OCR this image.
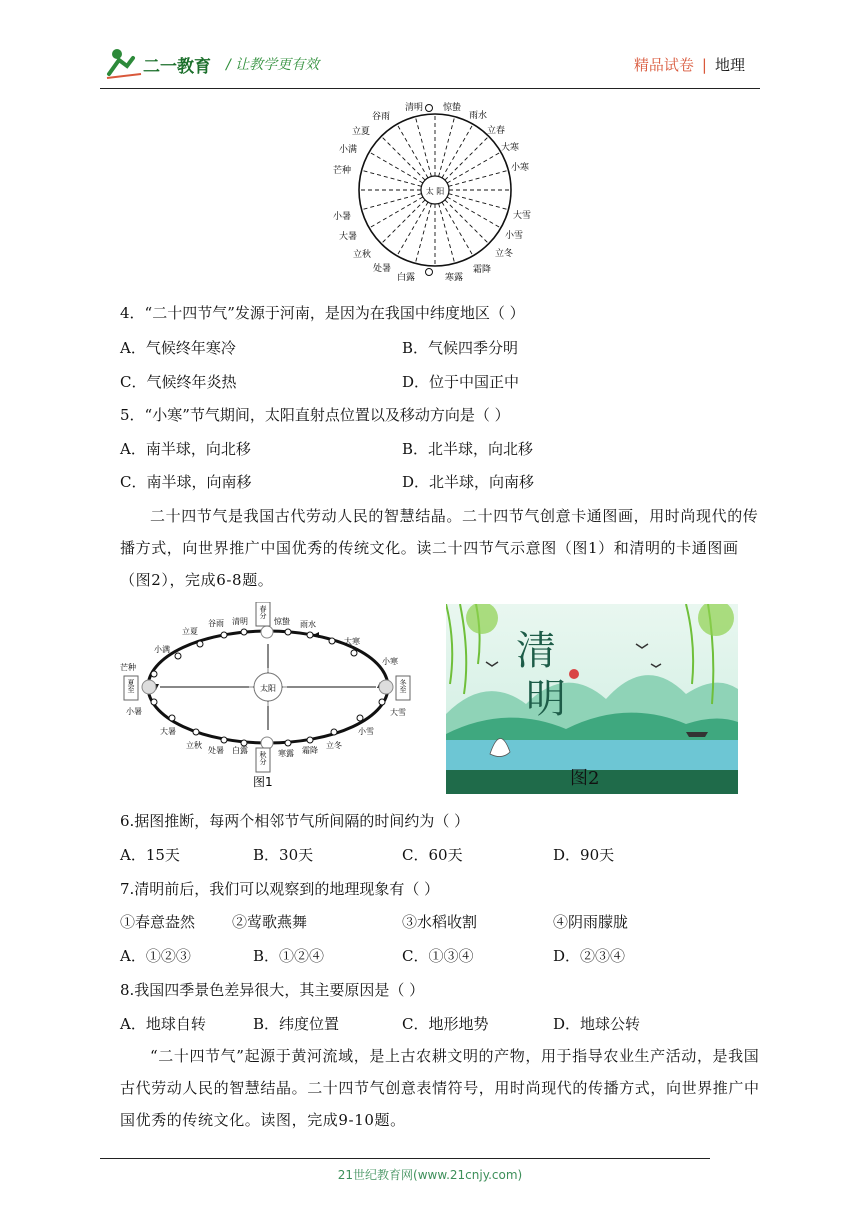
二一教育 / 让教学更有效	精品试卷 | 地理
太 阳
清明 惊蛰
雨水
立春
大寒
小寒
大雪
小雪
立冬
霜降
寒露
谷雨
立夏
小满
芒种
小暑
大暑
立秋
处暑
白露
4．“二十四节气”发源于河南，是因为在我国中纬度地区（ ）
A．气候终年寒冷	B．气候四季分明
C．气候终年炎热	D．位于中国正中
5．“小寒”节气期间，太阳直射点位置以及移动方向是（ ）
A．南半球，向北移	B．北半球，向北移
C．南半球，向南移	D．北半球，向南移
二十四节气是我国古代劳动人民的智慧结晶。二十四节气创意卡通图画，用时尚现代的传播方式，向世界推广中国优秀的传统文化。读二十四节气示意图（图1）和清明的卡通图画（图2），完成6-8题。
太阳
春分
秋分
夏至	冬至
立夏
谷雨 清明	惊蛰 雨水
大寒
小寒
小满
芒种
小暑
大暑
立秋
处暑 白露	寒露 霜降
立冬
小雪
大雪
图1
清
明
图2
6.据图推断，每两个相邻节气所间隔的时间约为（ ）
A．15天	B．30天	C．60天	D．90天
7.清明前后，我们可以观察到的地理现象有（ ）
①春意盎然 ②莺歌燕舞	③水稻收割	④阴雨朦胧
A．①②③	B．①②④	C．①③④	D．②③④
8.我国四季景色差异很大，其主要原因是（ ）
A．地球自转	B．纬度位置	C．地形地势	D．地球公转
“二十四节气”起源于黄河流域，是上古农耕文明的产物，用于指导农业生产活动，是我国古代劳动人民的智慧结晶。二十四节气创意表情符号，用时尚现代的传播方式，向世界推广中国优秀的传统文化。读图，完成9-10题。
21世纪教育网(www.21cnjy.com)
